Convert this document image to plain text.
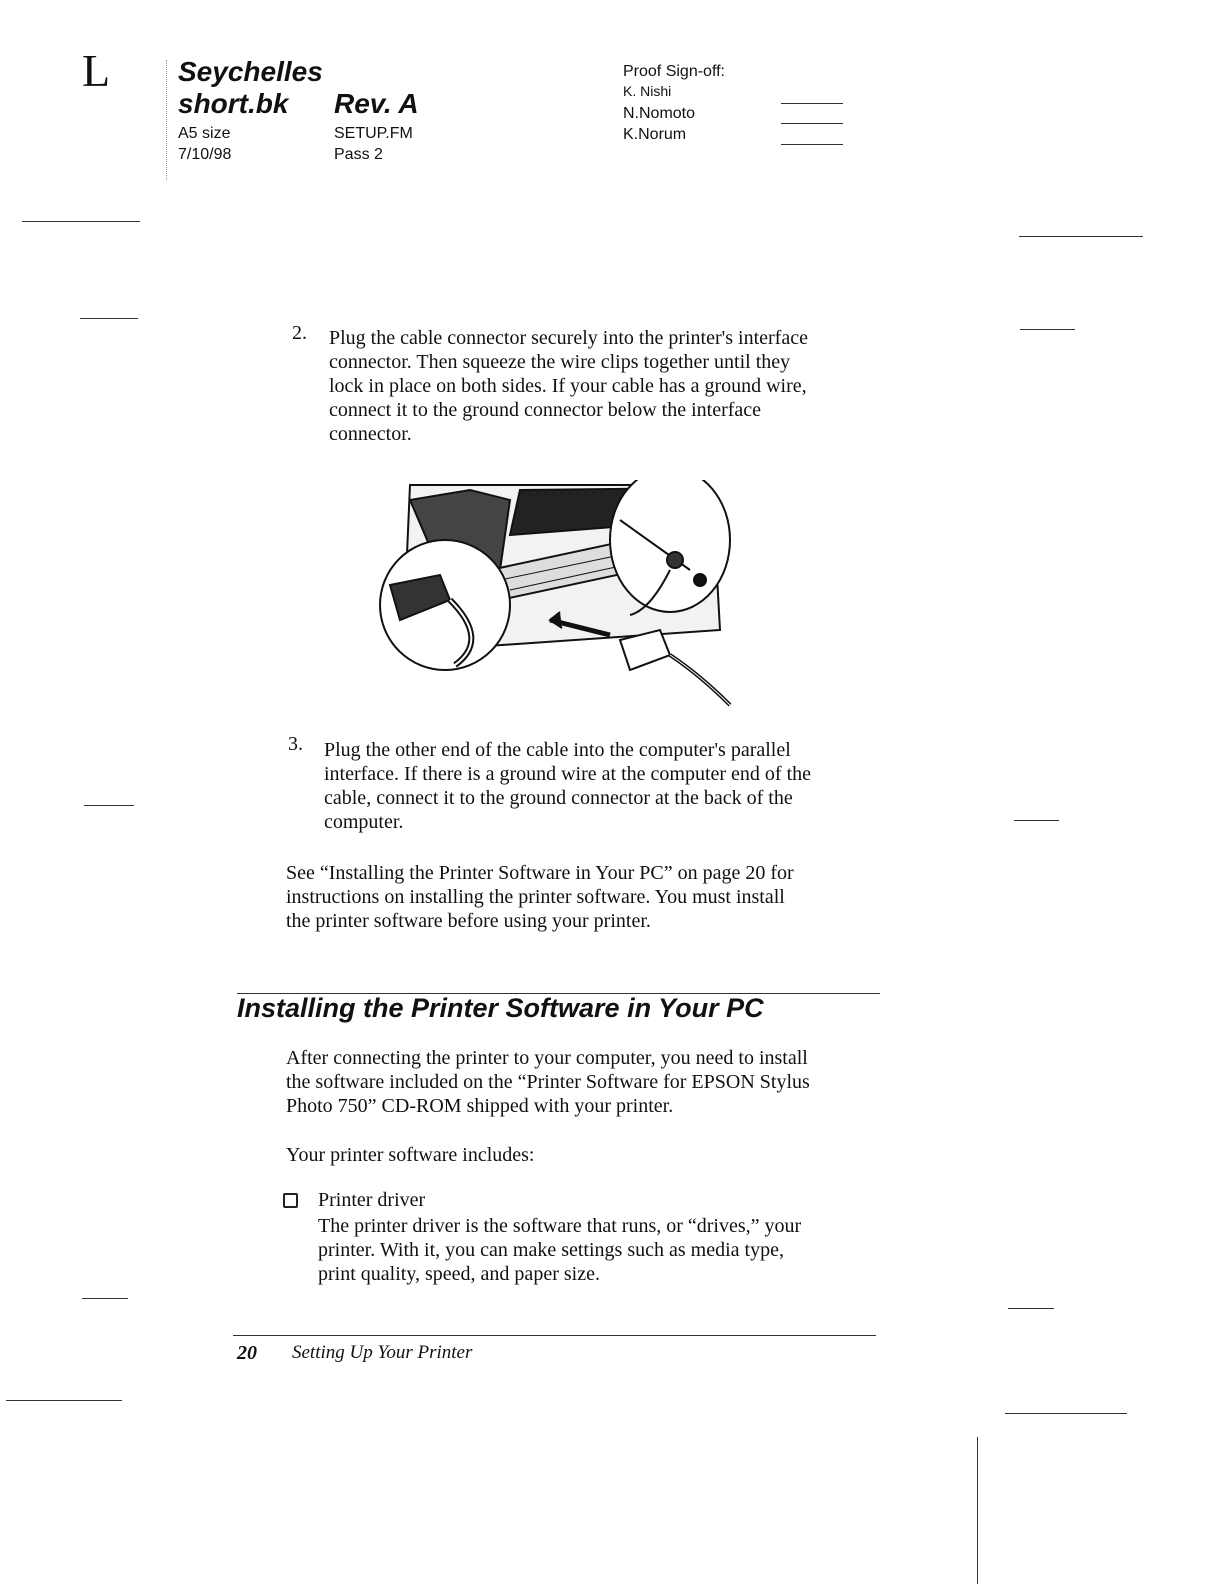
L Seychelles
short.bk Rev. A
A5 size
7/10/98
SETUP.FM
Pass 2
Proof Sign-off:
K. Nishi
N.Nomoto
K.Norum
2. Plug the cable connector securely into the printer's interface
connector. Then squeeze the wire clips together until they
lock in place on both sides. If your cable has a ground wire,
connect it to the ground connector below the interface
connector.
3. Plug the other end of the cable into the computer's parallel
interface. If there is a ground wire at the computer end of the
cable, connect it to the ground connector at the back of the
computer.
See “Installing the Printer Software in Your PC” on page 20 for
instructions on installing the printer software. You must install
the printer software before using your printer.
Installing the Printer Software in Your PC
After connecting the printer to your computer, you need to install
the software included on the “Printer Software for EPSON Stylus
Photo 750” CD-ROM shipped with your printer.
Your printer software includes:
Printer driver
The printer driver is the software that runs, or “drives,” your
printer. With it, you can make settings such as media type,
print quality, speed, and paper size.
20 Setting Up Your Printer
